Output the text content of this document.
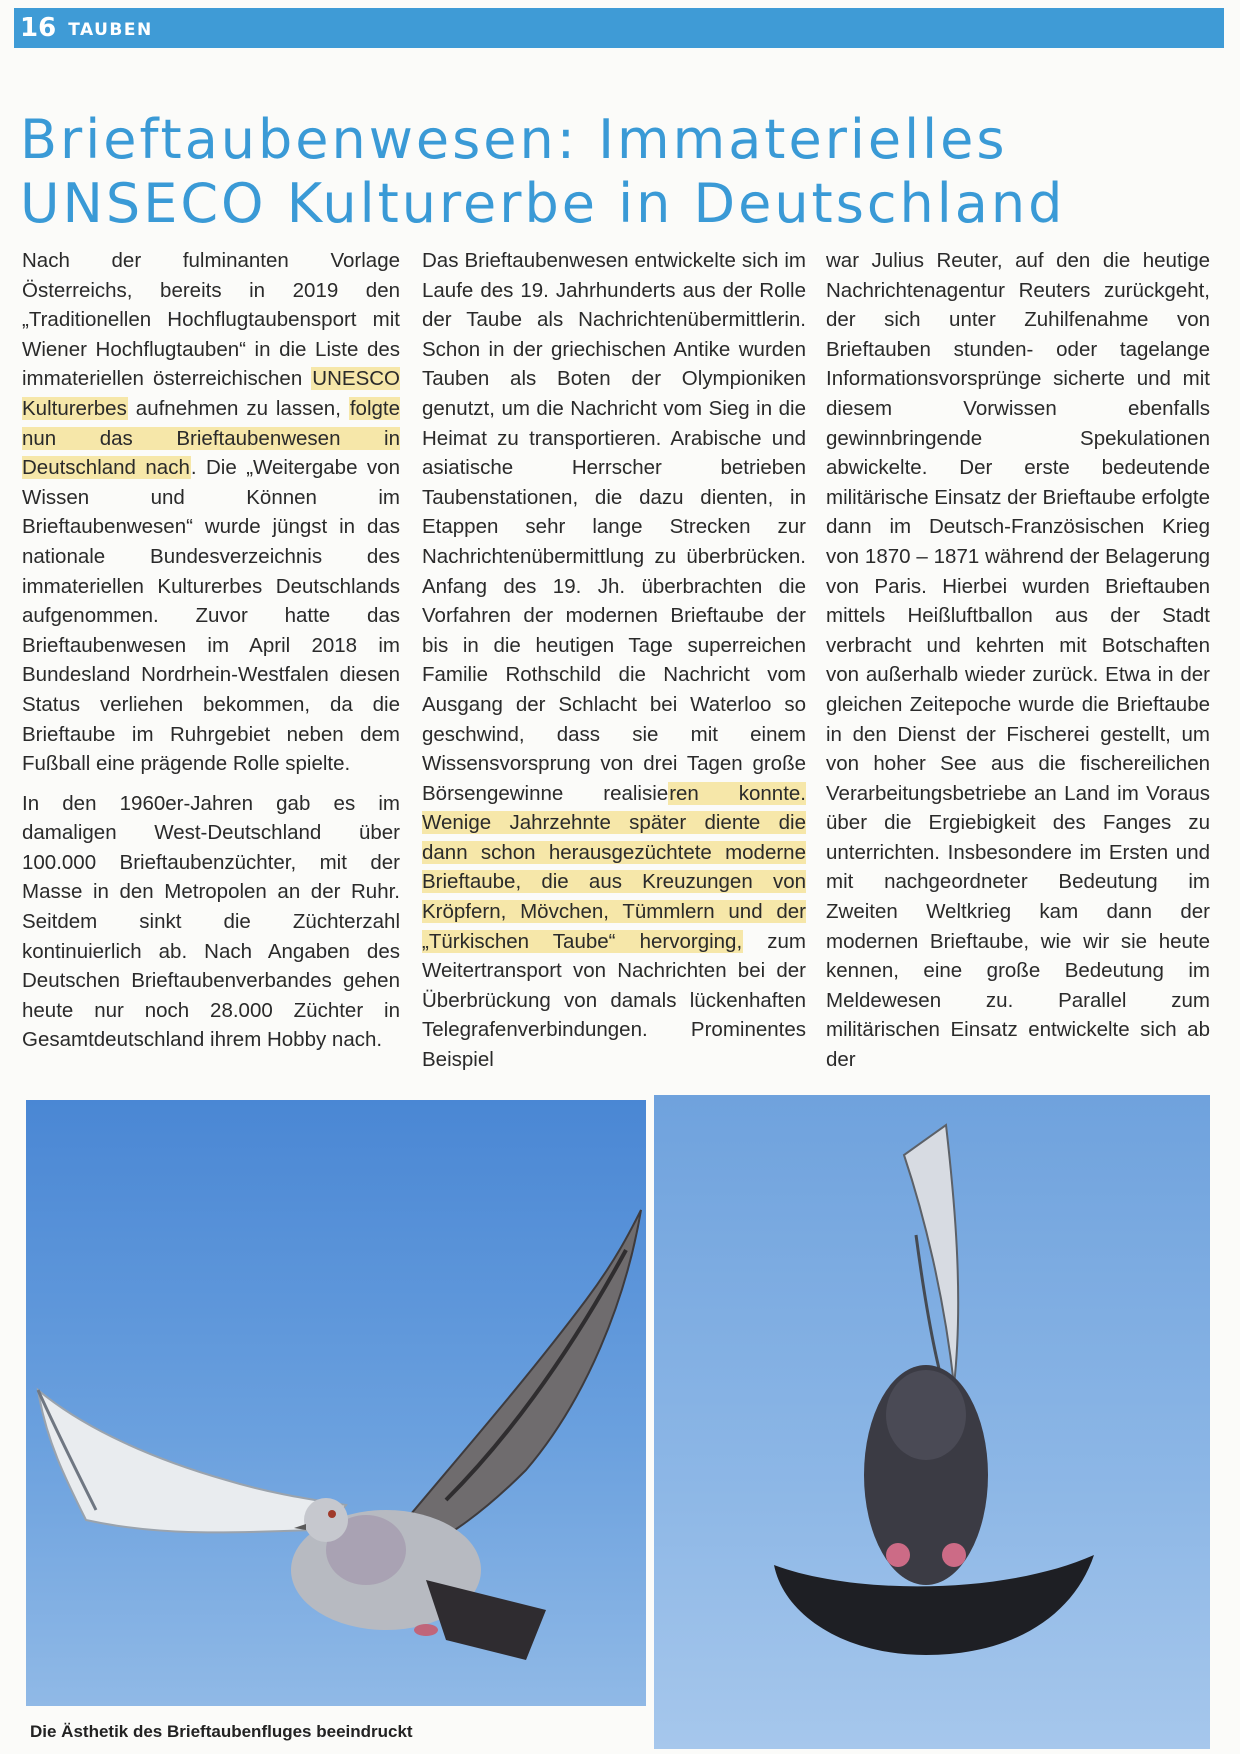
16 TAUBEN
Brieftaubenwesen: Immaterielles
UNSECO Kulturerbe in Deutschland

Nach der fulminanten Vorlage Österreichs, bereits in 2019 den „Traditionellen Hochflugtaubensport mit Wiener Hochflugtauben“ in die Liste des immateriellen österreichischen UNESCO Kulturerbes aufnehmen zu lassen, folgte nun das Brieftaubenwesen in Deutschland nach. Die „Weitergabe von Wissen und Können im Brieftaubenwesen“ wurde jüngst in das nationale Bundesverzeichnis des immateriellen Kulturerbes Deutschlands aufgenommen. Zuvor hatte das Brieftaubenwesen im April 2018 im Bundesland Nordrhein-Westfalen diesen Status verliehen bekommen, da die Brieftaube im Ruhrgebiet neben dem Fußball eine prägende Rolle spielte.

In den 1960er-Jahren gab es im damaligen West-Deutschland über 100.000 Brieftaubenzüchter, mit der Masse in den Metropolen an der Ruhr. Seitdem sinkt die Züchterzahl kontinuierlich ab. Nach Angaben des Deutschen Brieftaubenverbandes gehen heute nur noch 28.000 Züchter in Gesamtdeutschland ihrem Hobby nach.

Das Brieftaubenwesen entwickelte sich im Laufe des 19. Jahrhunderts aus der Rolle der Taube als Nachrichtenübermittlerin. Schon in der griechischen Antike wurden Tauben als Boten der Olympioniken genutzt, um die Nachricht vom Sieg in die Heimat zu transportieren. Arabische und asiatische Herrscher betrieben Taubenstationen, die dazu dienten, in Etappen sehr lange Strecken zur Nachrichtenübermittlung zu überbrücken. Anfang des 19. Jh. überbrachten die Vorfahren der modernen Brieftaube der bis in die heutigen Tage superreichen Familie Rothschild die Nachricht vom Ausgang der Schlacht bei Waterloo so geschwind, dass sie mit einem Wissensvorsprung von drei Tagen große Börsengewinne realisieren konnte. Wenige Jahrzehnte später diente die dann schon herausgezüchtete moderne Brieftaube, die aus Kreuzungen von Kröpfern, Mövchen, Tümmlern und der „Türkischen Taube“ hervorging, zum Weitertransport von Nachrichten bei der Überbrückung von damals lückenhaften Telegrafenverbindungen. Prominentes Beispiel

war Julius Reuter, auf den die heutige Nachrichtenagentur Reuters zurückgeht, der sich unter Zuhilfenahme von Brieftauben stunden- oder tagelange Informationsvorsprünge sicherte und mit diesem Vorwissen ebenfalls gewinnbringende Spekulationen abwickelte. Der erste bedeutende militärische Einsatz der Brieftaube erfolgte dann im Deutsch-Französischen Krieg von 1870 – 1871 während der Belagerung von Paris. Hierbei wurden Brieftauben mittels Heißluftballon aus der Stadt verbracht und kehrten mit Botschaften von außerhalb wieder zurück. Etwa in der gleichen Zeitepoche wurde die Brieftaube in den Dienst der Fischerei gestellt, um von hoher See aus die fischereilichen Verarbeitungsbetriebe an Land im Voraus über die Ergiebigkeit des Fanges zu unterrichten. Insbesondere im Ersten und mit nachgeordneter Bedeutung im Zweiten Weltkrieg kam dann der modernen Brieftaube, wie wir sie heute kennen, eine große Bedeutung im Meldewesen zu. Parallel zum militärischen Einsatz entwickelte sich ab der

Die Ästhetik des Brieftaubenfluges beeindruckt
